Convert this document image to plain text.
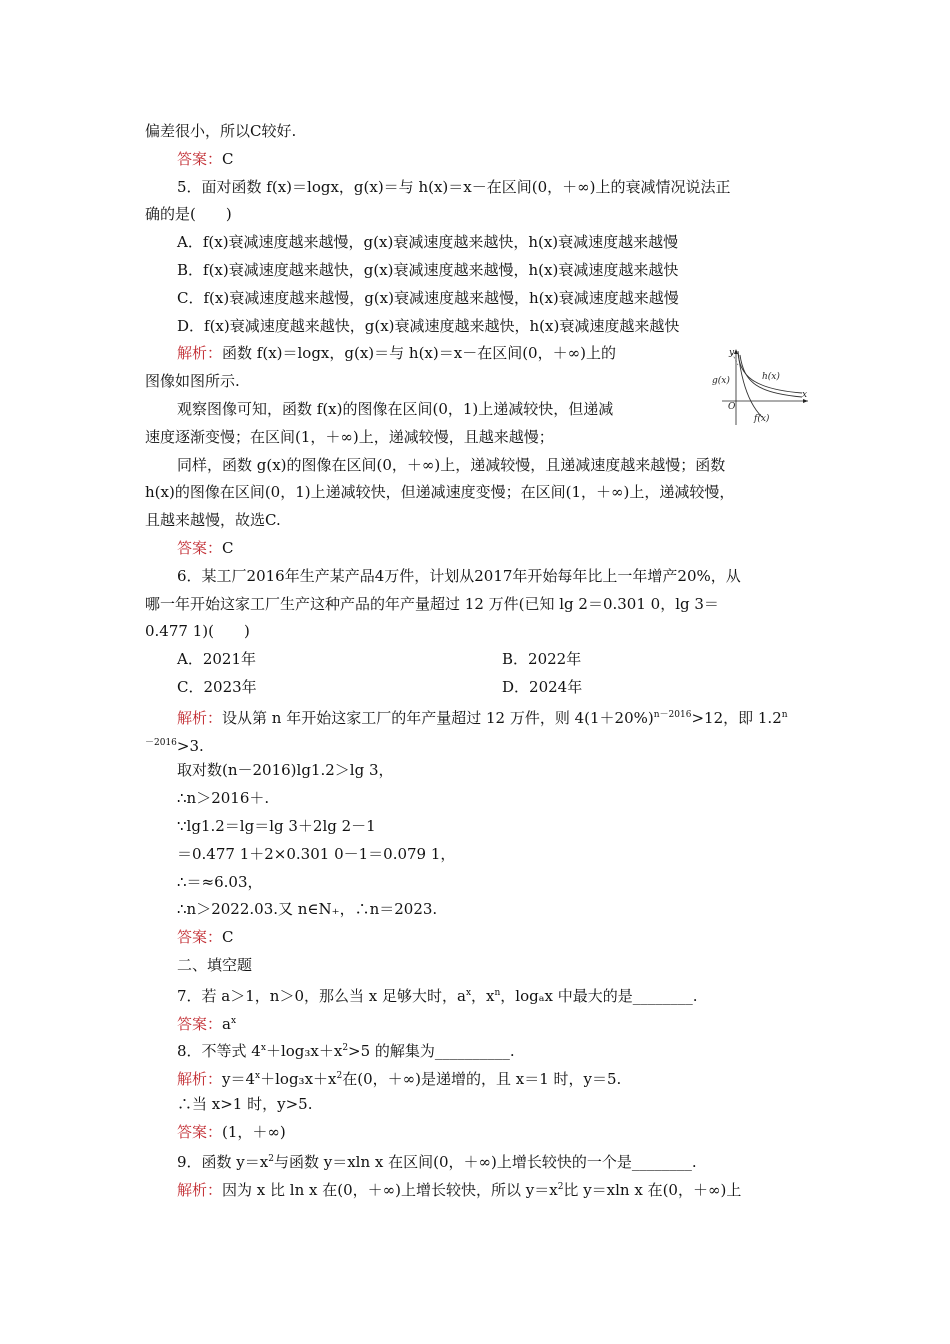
偏差很小，所以C较好.
答案：C
5．面对函数 f(x)＝logx，g(x)＝与 h(x)＝x－在区间(0，＋∞)上的衰减情况说法正
确的是(　　)
A．f(x)衰减速度越来越慢，g(x)衰减速度越来越快，h(x)衰减速度越来越慢
B．f(x)衰减速度越来越快，g(x)衰减速度越来越慢，h(x)衰减速度越来越快
C．f(x)衰减速度越来越慢，g(x)衰减速度越来越慢，h(x)衰减速度越来越慢
D．f(x)衰减速度越来越快，g(x)衰减速度越来越快，h(x)衰减速度越来越快
解析：函数 f(x)＝logx，g(x)＝与 h(x)＝x－在区间(0，＋∞)上的
图像如图所示.
观察图像可知，函数 f(x)的图像在区间(0，1)上递减较快，但递减
速度逐渐变慢；在区间(1，＋∞)上，递减较慢，且越来越慢；
同样，函数 g(x)的图像在区间(0，＋∞)上，递减较慢，且递减速度越来越慢；函数
h(x)的图像在区间(0，1)上递减较快，但递减速度变慢；在区间(1，＋∞)上，递减较慢，
且越来越慢，故选C.
答案：C
6．某工厂2016年生产某产品4万件，计划从2017年开始每年比上一年增产20%，从
哪一年开始这家工厂生产这种产品的年产量超过 12 万件(已知 lg 2＝0.301 0，lg 3＝
0.477 1)(　　)
A．2021年	B．2022年
C．2023年	D．2024年
解析：设从第 n 年开始这家工厂的年产量超过 12 万件，则 $4(1+20\%)^{n-2016}>12$，即 1.2$^n$
$^{-2016}$>3.
取对数(n－2016)lg1.2＞lg 3，
∴n＞2016＋.
∵lg1.2＝lg＝lg 3＋2lg 2－1
＝0.477 1＋2×0.301 0－1＝0.079 1，
∴＝≈6.03，
∴n＞2022.03.又 n∈N₊，∴n＝2023.
答案：C
二、填空题
7．若 a＞1，n＞0，那么当 x 足够大时，$a^x$，$x^n$，logₐx 中最大的是________.
答案：$a^x$
8．不等式 $4^x+\log_3x+x^2>5$ 的解集为__________.
解析：$y=4^x+\log_3x+x^2$在(0，＋∞)是递增的，且 x＝1 时，y＝5.
∴当 x>1 时，y>5.
答案：(1，＋∞)
9．函数 $y=x^2$与函数 y＝xln x 在区间(0，＋∞)上增长较快的一个是________.
解析：因为 x 比 ln x 在(0，＋∞)上增长较快，所以 $y=x^2$比 y＝xln x 在(0，＋∞)上
y
x
O
g(x)	h(x)
f(x)
